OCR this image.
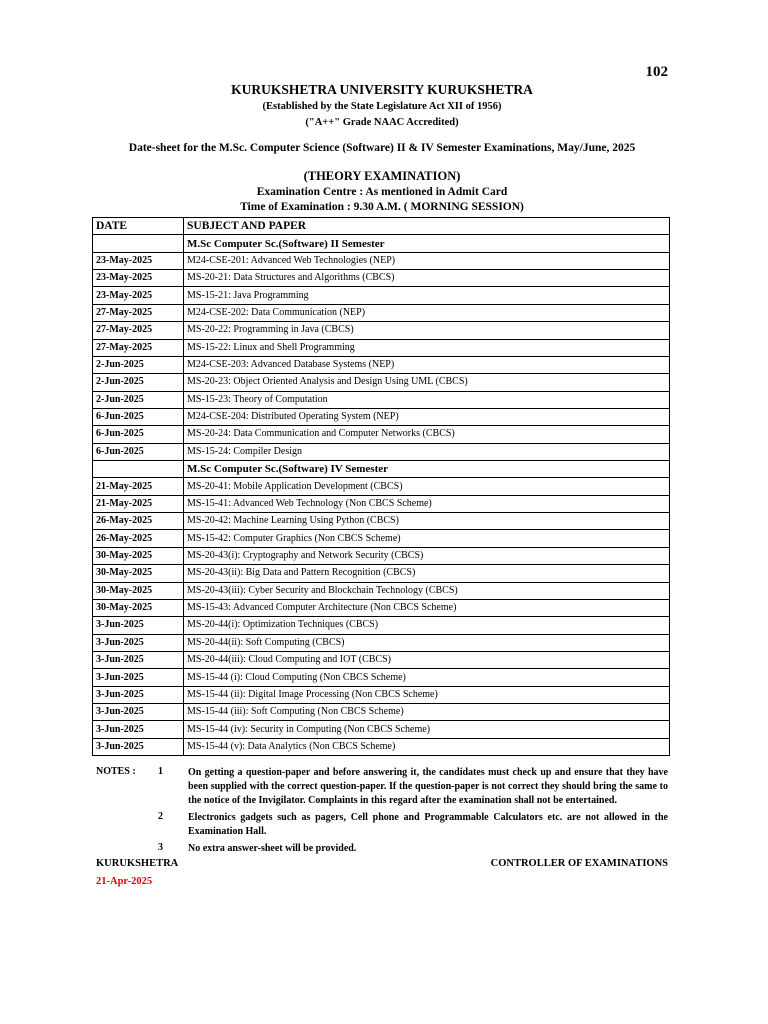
102
KURUKSHETRA UNIVERSITY KURUKSHETRA
(Established by the State Legislature Act XII of 1956)
("A++" Grade NAAC Accredited)
Date-sheet for the M.Sc. Computer Science (Software) II & IV Semester Examinations, May/June, 2025
(THEORY EXAMINATION)
Examination Centre : As mentioned in Admit Card
Time of Examination : 9.30 A.M. ( MORNING SESSION)
DATE	SUBJECT AND PAPER
	M.Sc Computer Sc.(Software) II Semester
23-May-2025	M24-CSE-201: Advanced Web Technologies (NEP)
23-May-2025	MS-20-21: Data Structures and Algorithms (CBCS)
23-May-2025	MS-15-21: Java Programming
27-May-2025	M24-CSE-202: Data Communication (NEP)
27-May-2025	MS-20-22: Programming in Java (CBCS)
27-May-2025	MS-15-22: Linux and Shell Programming
2-Jun-2025	M24-CSE-203: Advanced Database Systems (NEP)
2-Jun-2025	MS-20-23: Object Oriented Analysis and Design Using UML (CBCS)
2-Jun-2025	MS-15-23: Theory of Computation
6-Jun-2025	M24-CSE-204: Distributed Operating System (NEP)
6-Jun-2025	MS-20-24: Data Communication and Computer Networks (CBCS)
6-Jun-2025	MS-15-24: Compiler Design
	M.Sc Computer Sc.(Software) IV Semester
21-May-2025	MS-20-41: Mobile Application Development (CBCS)
21-May-2025	MS-15-41: Advanced Web Technology (Non CBCS Scheme)
26-May-2025	MS-20-42: Machine Learning Using Python (CBCS)
26-May-2025	MS-15-42: Computer Graphics (Non CBCS Scheme)
30-May-2025	MS-20-43(i): Cryptography and Network Security (CBCS)
30-May-2025	MS-20-43(ii): Big Data and Pattern Recognition (CBCS)
30-May-2025	MS-20-43(iii): Cyber Security and Blockchain Technology (CBCS)
30-May-2025	MS-15-43: Advanced Computer Architecture (Non CBCS Scheme)
3-Jun-2025	MS-20-44(i): Optimization Techniques (CBCS)
3-Jun-2025	MS-20-44(ii): Soft Computing (CBCS)
3-Jun-2025	MS-20-44(iii): Cloud Computing and IOT (CBCS)
3-Jun-2025	MS-15-44 (i): Cloud Computing (Non CBCS Scheme)
3-Jun-2025	MS-15-44 (ii): Digital Image Processing (Non CBCS Scheme)
3-Jun-2025	MS-15-44 (iii): Soft Computing (Non CBCS Scheme)
3-Jun-2025	MS-15-44 (iv): Security in Computing (Non CBCS Scheme)
3-Jun-2025	MS-15-44 (v): Data Analytics (Non CBCS Scheme)
NOTES :	1	On getting a question-paper and before answering it, the candidates must check up and ensure that they have been supplied with the correct question-paper. If the question-paper is not correct they should bring the same to the notice of the Invigilator. Complaints in this regard after the examination shall not be entertained.
2	Electronics gadgets such as pagers, Cell phone and Programmable Calculators etc. are not allowed in the Examination Hall.
3	No extra answer-sheet will be provided.
KURUKSHETRA	CONTROLLER OF EXAMINATIONS
21-Apr-2025
